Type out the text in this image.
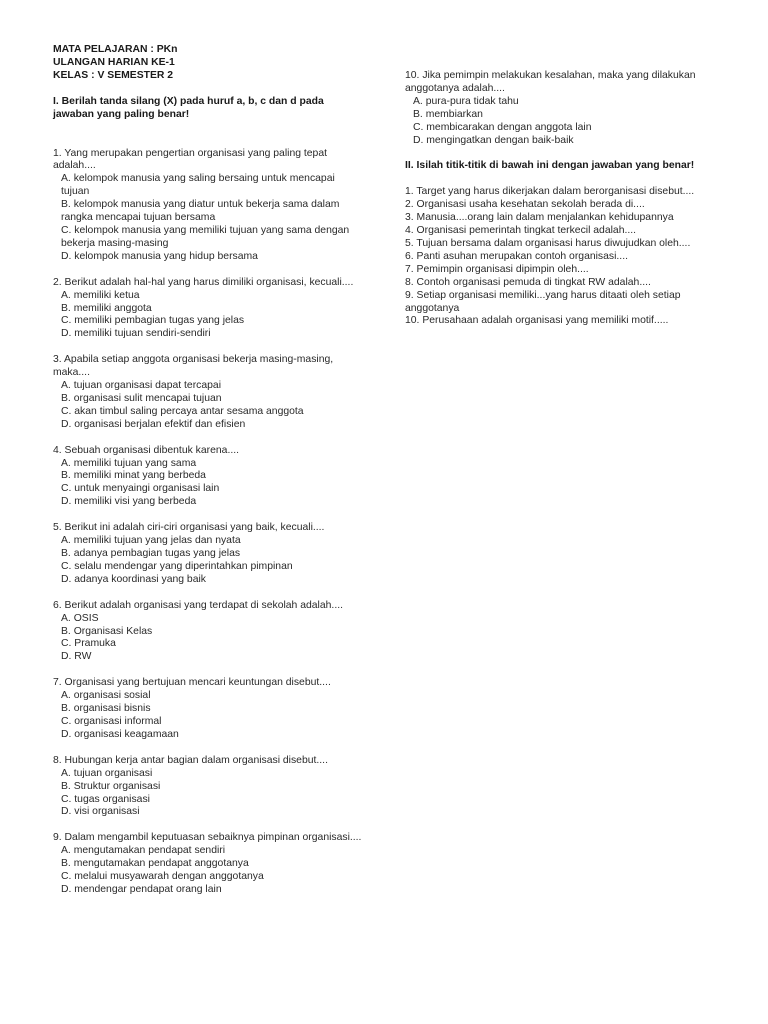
MATA PELAJARAN : PKn
ULANGAN HARIAN KE-1
KELAS : V SEMESTER 2
I. Berilah tanda silang (X) pada huruf a, b, c dan d pada jawaban yang paling benar!
1. Yang merupakan pengertian organisasi yang paling tepat adalah....
A. kelompok manusia yang saling bersaing untuk mencapai tujuan
B. kelompok manusia yang diatur untuk bekerja sama dalam rangka mencapai tujuan bersama
C. kelompok manusia yang memiliki tujuan yang sama dengan bekerja masing-masing
D. kelompok manusia yang hidup bersama
2. Berikut adalah hal-hal yang harus dimiliki organisasi, kecuali....
A. memiliki ketua
B. memiliki anggota
C. memiliki pembagian tugas yang jelas
D. memiliki tujuan sendiri-sendiri
3. Apabila setiap anggota organisasi bekerja masing-masing, maka....
A. tujuan organisasi dapat tercapai
B. organisasi sulit mencapai tujuan
C. akan timbul saling percaya antar sesama anggota
D. organisasi berjalan efektif dan efisien
4. Sebuah organisasi dibentuk karena....
A. memiliki tujuan yang sama
B. memiliki minat yang berbeda
C. untuk menyaingi organisasi lain
D. memiliki visi yang berbeda
5. Berikut ini adalah ciri-ciri organisasi yang baik, kecuali....
A. memiliki tujuan yang jelas dan nyata
B. adanya pembagian tugas yang jelas
C. selalu mendengar yang diperintahkan pimpinan
D. adanya koordinasi yang baik
6. Berikut adalah organisasi yang terdapat di sekolah adalah....
A. OSIS
B. Organisasi Kelas
C. Pramuka
D. RW
7. Organisasi yang bertujuan mencari keuntungan disebut....
A. organisasi sosial
B. organisasi bisnis
C. organisasi informal
D. organisasi keagamaan
8. Hubungan kerja antar bagian dalam organisasi disebut....
A. tujuan organisasi
B. Struktur organisasi
C. tugas organisasi
D. visi organisasi
9. Dalam mengambil keputuasan sebaiknya pimpinan organisasi....
A. mengutamakan pendapat sendiri
B. mengutamakan pendapat anggotanya
C. melalui musyawarah dengan anggotanya
D. mendengar pendapat orang lain
10. Jika pemimpin melakukan kesalahan, maka yang dilakukan anggotanya adalah....
A. pura-pura tidak tahu
B. membiarkan
C. membicarakan dengan anggota lain
D. mengingatkan dengan baik-baik
II. Isilah titik-titik di bawah ini dengan jawaban yang benar!
1. Target yang harus dikerjakan dalam berorganisasi disebut....
2. Organisasi usaha kesehatan sekolah berada di....
3. Manusia....orang lain dalam menjalankan kehidupannya
4. Organisasi pemerintah tingkat terkecil adalah....
5. Tujuan bersama dalam organisasi harus diwujudkan oleh....
6. Panti asuhan merupakan contoh organisasi....
7. Pemimpin organisasi dipimpin oleh....
8. Contoh organisasi pemuda di tingkat RW adalah....
9. Setiap organisasi memiliki...yang harus ditaati oleh setiap anggotanya
10. Perusahaan adalah organisasi yang memiliki motif.....
